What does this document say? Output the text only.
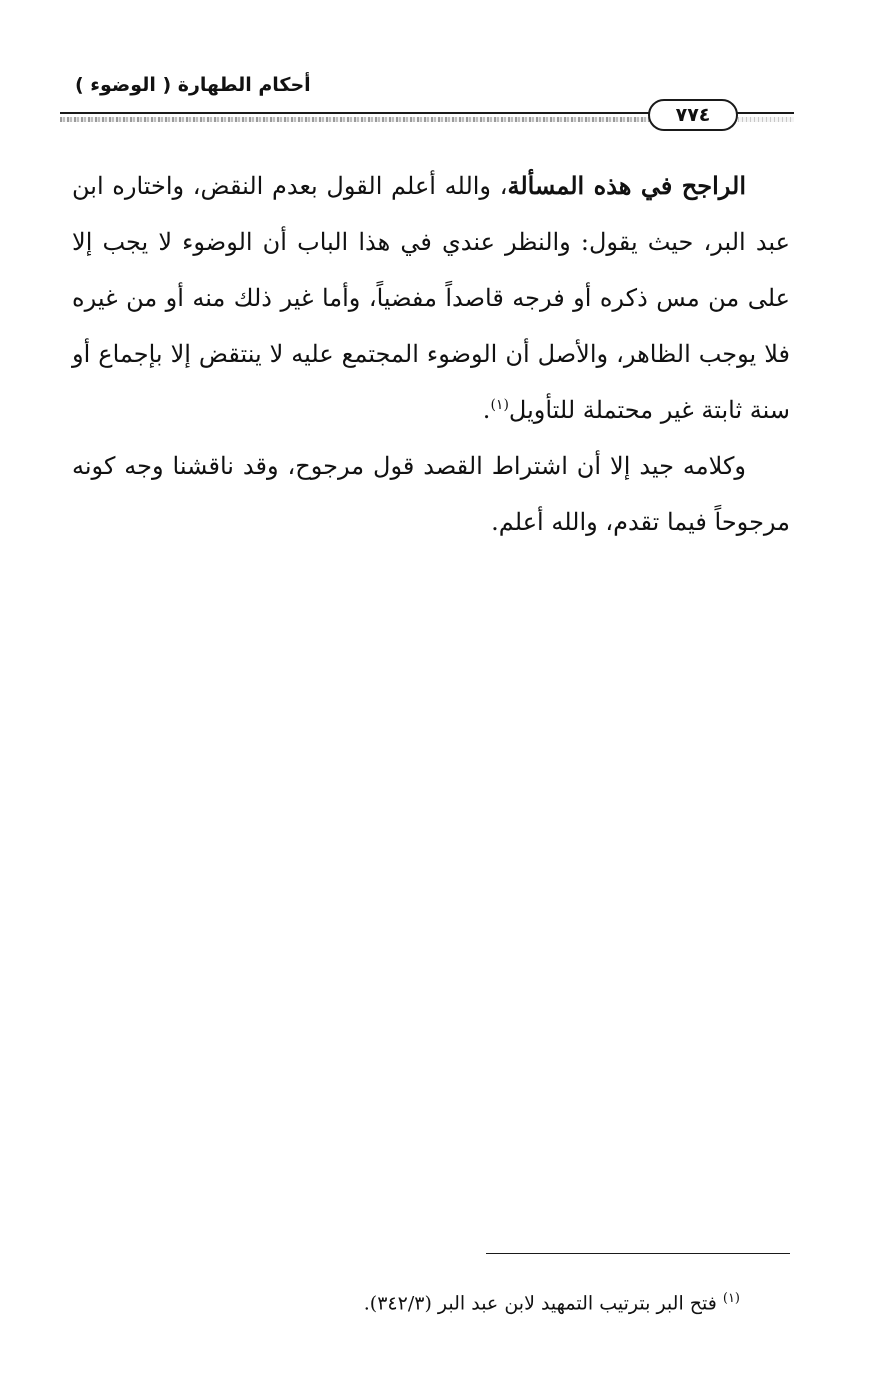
أحكام الطهارة ( الوضوء )
٧٧٤

الراجح في هذه المسألة، والله أعلم القول بعدم النقض، واختاره ابن عبد البر، حيث يقول: والنظر عندي في هذا الباب أن الوضوء لا يجب إلا على من مس ذكره أو فرجه قاصداً مفضياً، وأما غير ذلك منه أو من غيره فلا يوجب الظاهر، والأصل أن الوضوء المجتمع عليه لا ينتقض إلا بإجماع أو سنة ثابتة غير محتملة للتأويل$^{(١)}$.

وكلامه جيد إلا أن اشتراط القصد قول مرجوح، وقد ناقشنا وجه كونه مرجوحاً فيما تقدم، والله أعلم.

$^{(١)}$فتح البر بترتيب التمهيد لابن عبد البر (٣٤٢/٣).
